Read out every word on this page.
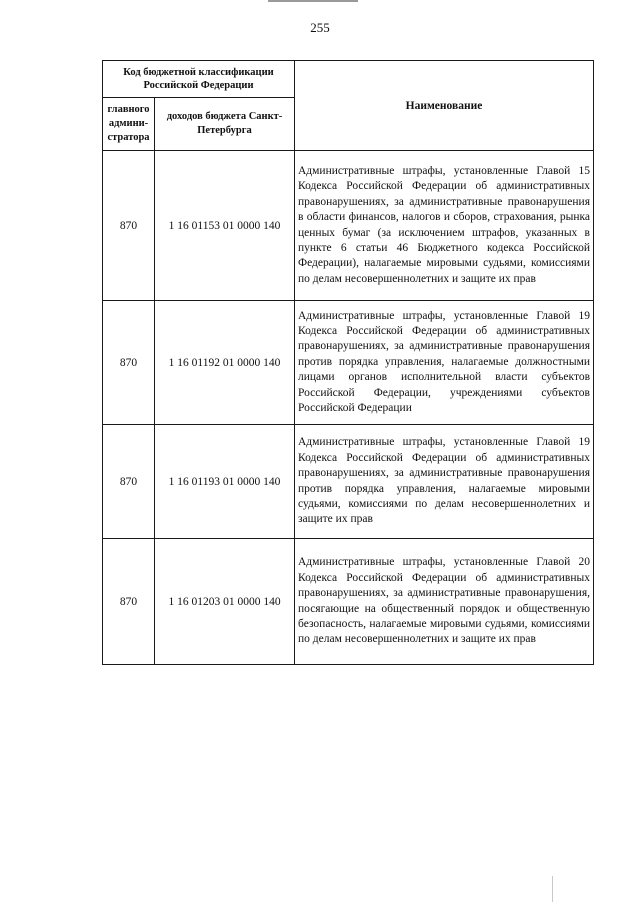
255
Код бюджетной классификации Российской Федерации		Наименование
главного админи-стратора	доходов бюджета Санкт-Петербурга	
870	1 16 01153 01 0000 140	Административные штрафы, установленные Главой 15 Кодекса Российской Федерации об административных правонарушениях, за административные правонарушения в области финансов, налогов и сборов, страхования, рынка ценных бумаг (за исключением штрафов, указанных в пункте 6 статьи 46 Бюджетного кодекса Российской Федерации), налагаемые мировыми судьями, комиссиями по делам несовершеннолетних и защите их прав
870	1 16 01192 01 0000 140	Административные штрафы, установленные Главой 19 Кодекса Российской Федерации об административных правонарушениях, за административные правонарушения против порядка управления, налагаемые должностными лицами органов исполнительной власти субъектов Российской Федерации, учреждениями субъектов Российской Федерации
870	1 16 01193 01 0000 140	Административные штрафы, установленные Главой 19 Кодекса Российской Федерации об административных правонарушениях, за административные правонарушения против порядка управления, налагаемые мировыми судьями, комиссиями по делам несовершеннолетних и защите их прав
870	1 16 01203 01 0000 140	Административные штрафы, установленные Главой 20 Кодекса Российской Федерации об административных правонарушениях, за административные правонарушения, посягающие на общественный порядок и общественную безопасность, налагаемые мировыми судьями, комиссиями по делам несовершеннолетних и защите их прав
